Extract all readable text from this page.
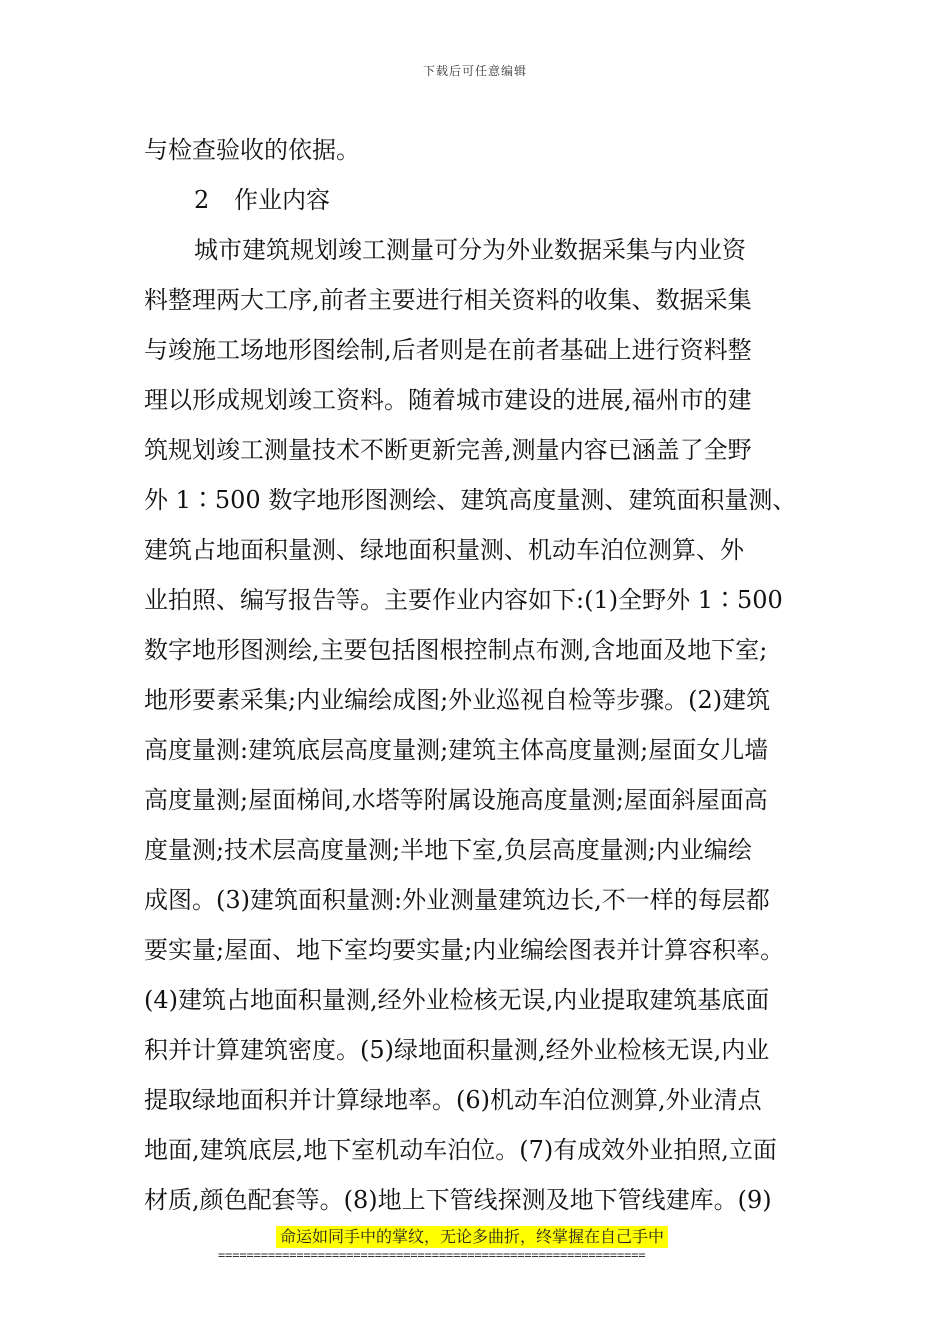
下载后可任意编辑
与检查验收的依据。
2 作业内容
城市建筑规划竣工测量可分为外业数据采集与内业资
料整理两大工序,前者主要进行相关资料的收集、数据采集
与竣施工场地形图绘制,后者则是在前者基础上进行资料整
理以形成规划竣工资料。随着城市建设的进展,福州市的建
筑规划竣工测量技术不断更新完善,测量内容已涵盖了全野
外 1∶500 数字地形图测绘、建筑高度量测、建筑面积量测、
建筑占地面积量测、绿地面积量测、机动车泊位测算、外
业拍照、编写报告等。主要作业内容如下:(1)全野外 1∶500
数字地形图测绘,主要包括图根控制点布测,含地面及地下室;
地形要素采集;内业编绘成图;外业巡视自检等步骤。(2)建筑
高度量测:建筑底层高度量测;建筑主体高度量测;屋面女儿墙
高度量测;屋面梯间,水塔等附属设施高度量测;屋面斜屋面高
度量测;技术层高度量测;半地下室,负层高度量测;内业编绘
成图。(3)建筑面积量测:外业测量建筑边长,不一样的每层都
要实量;屋面、地下室均要实量;内业编绘图表并计算容积率。
(4)建筑占地面积量测,经外业检核无误,内业提取建筑基底面
积并计算建筑密度。(5)绿地面积量测,经外业检核无误,内业
提取绿地面积并计算绿地率。(6)机动车泊位测算,外业清点
地面,建筑底层,地下室机动车泊位。(7)有成效外业拍照,立面
材质,颜色配套等。(8)地上下管线探测及地下管线建库。(9)
命运如同手中的掌纹，无论多曲折，终掌握在自己手中
============================================================
